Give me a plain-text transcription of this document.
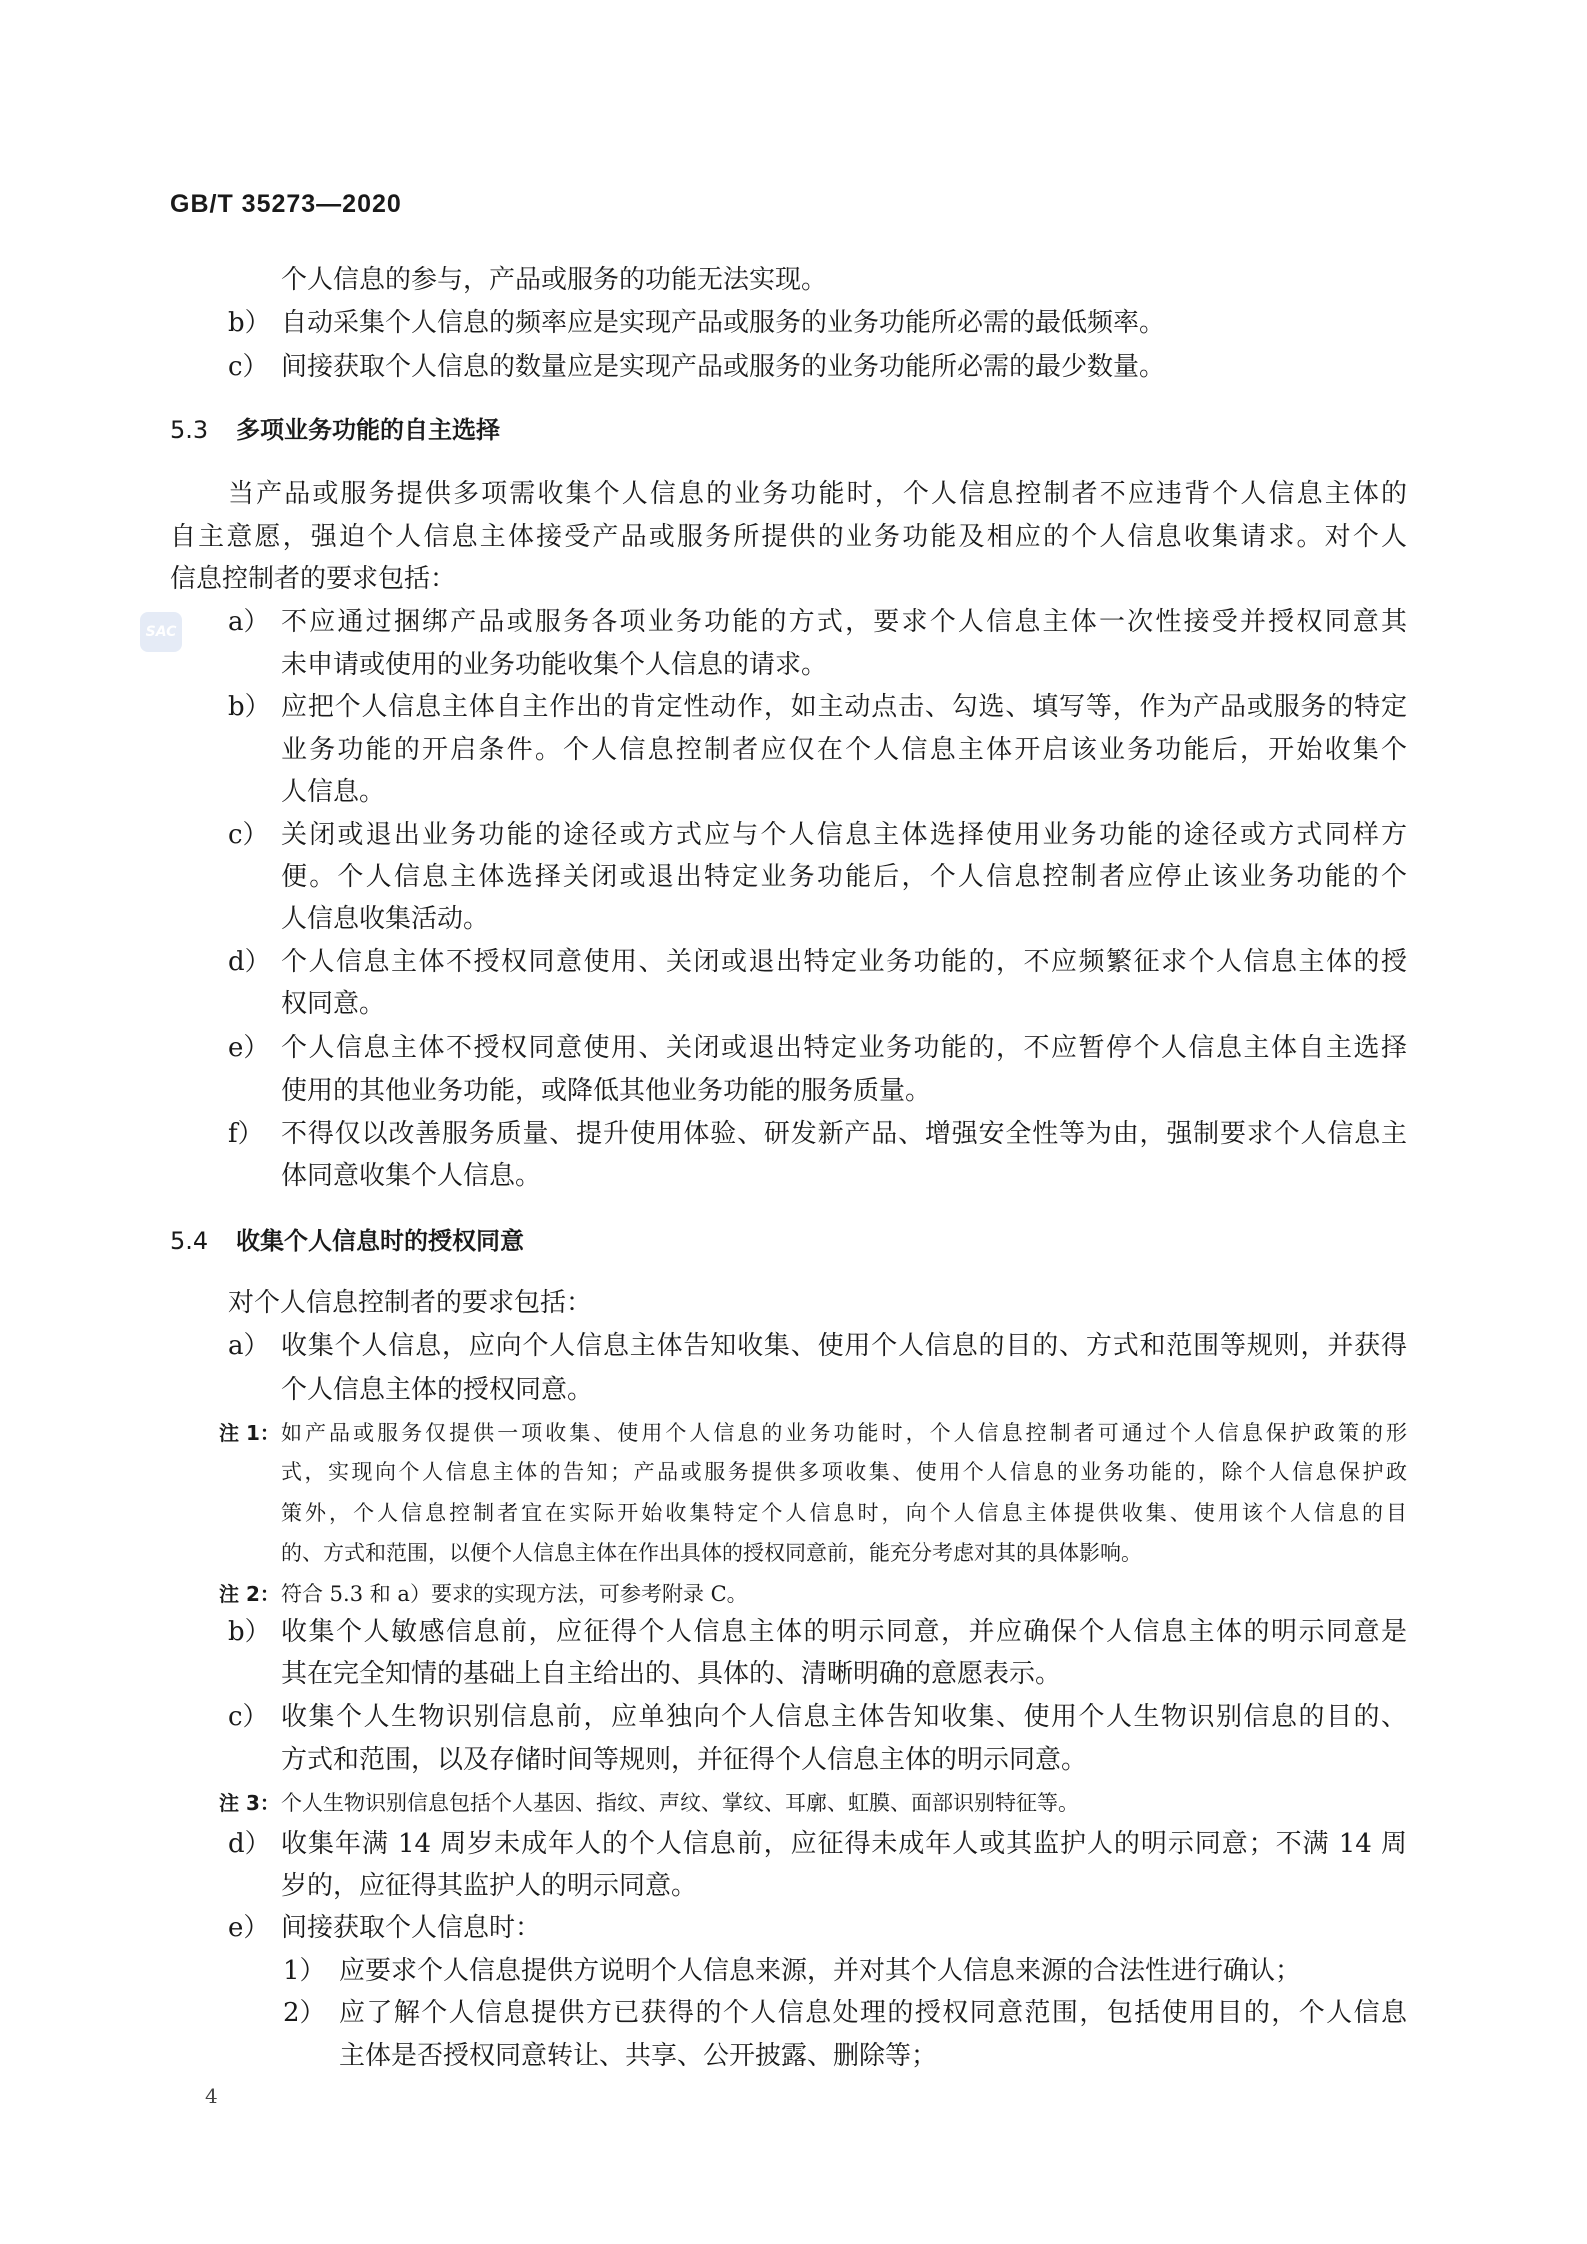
GB/T 35273—2020
SAC
个人信息的参与，产品或服务的功能无法实现。
b） 自动采集个人信息的频率应是实现产品或服务的业务功能所必需的最低频率。
c） 间接获取个人信息的数量应是实现产品或服务的业务功能所必需的最少数量。
5.3 多项业务功能的自主选择
当产品或服务提供多项需收集个人信息的业务功能时，个人信息控制者不应违背个人信息主体的
自主意愿，强迫个人信息主体接受产品或服务所提供的业务功能及相应的个人信息收集请求。对个人
信息控制者的要求包括：
a） 不应通过捆绑产品或服务各项业务功能的方式，要求个人信息主体一次性接受并授权同意其
未申请或使用的业务功能收集个人信息的请求。
b） 应把个人信息主体自主作出的肯定性动作，如主动点击、勾选、填写等，作为产品或服务的特定
业务功能的开启条件。个人信息控制者应仅在个人信息主体开启该业务功能后，开始收集个
人信息。
c） 关闭或退出业务功能的途径或方式应与个人信息主体选择使用业务功能的途径或方式同样方
便。个人信息主体选择关闭或退出特定业务功能后，个人信息控制者应停止该业务功能的个
人信息收集活动。
d） 个人信息主体不授权同意使用、关闭或退出特定业务功能的，不应频繁征求个人信息主体的授
权同意。
e） 个人信息主体不授权同意使用、关闭或退出特定业务功能的，不应暂停个人信息主体自主选择
使用的其他业务功能，或降低其他业务功能的服务质量。
f） 不得仅以改善服务质量、提升使用体验、研发新产品、增强安全性等为由，强制要求个人信息主
体同意收集个人信息。
5.4 收集个人信息时的授权同意
对个人信息控制者的要求包括：
a） 收集个人信息，应向个人信息主体告知收集、使用个人信息的目的、方式和范围等规则，并获得
个人信息主体的授权同意。
注 1： 如产品或服务仅提供一项收集、使用个人信息的业务功能时，个人信息控制者可通过个人信息保护政策的形
式，实现向个人信息主体的告知；产品或服务提供多项收集、使用个人信息的业务功能的，除个人信息保护政
策外，个人信息控制者宜在实际开始收集特定个人信息时，向个人信息主体提供收集、使用该个人信息的目
的、方式和范围，以便个人信息主体在作出具体的授权同意前，能充分考虑对其的具体影响。
注 2： 符合 5.3 和 a）要求的实现方法，可参考附录 C。
b） 收集个人敏感信息前，应征得个人信息主体的明示同意，并应确保个人信息主体的明示同意是
其在完全知情的基础上自主给出的、具体的、清晰明确的意愿表示。
c） 收集个人生物识别信息前，应单独向个人信息主体告知收集、使用个人生物识别信息的目的、
方式和范围，以及存储时间等规则，并征得个人信息主体的明示同意。
注 3： 个人生物识别信息包括个人基因、指纹、声纹、掌纹、耳廓、虹膜、面部识别特征等。
d） 收集年满 14 周岁未成年人的个人信息前，应征得未成年人或其监护人的明示同意；不满 14 周
岁的，应征得其监护人的明示同意。
e） 间接获取个人信息时：
1） 应要求个人信息提供方说明个人信息来源，并对其个人信息来源的合法性进行确认；
2） 应了解个人信息提供方已获得的个人信息处理的授权同意范围，包括使用目的，个人信息
主体是否授权同意转让、共享、公开披露、删除等；
4
